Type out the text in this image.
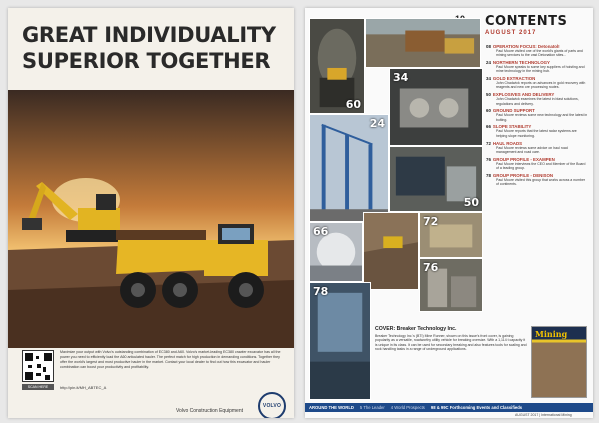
GREAT INDIVIDUALITY
SUPERIOR TOGETHER
SCAN HERE
Maximize your output with Volvo's outstanding combination of EC380 and A60. Volvo's market-leading EC380 crawler excavator has all the power you need to efficiently load the A60 articulated hauler. The perfect match for high production in demanding conditions. Together they offer the world's largest and most productive hauler in the market. Contact your local dealer to find out how this excavator and hauler combination can boost your productivity and profitability.
http://pin.it/MH_ABTEC_A
Volvo Construction Equipment
VOLVO
CONTENTS
AUGUST 2017
60
24
34
50
66
72
76
78
08 OPERATION FOCUS: Detonatol!
Paul Moore visited one of the world's giants of parts and mining services to the vast Detonation sites...
24 NORTHERN TECHNOLOGY
Paul Moore speaks to some key suppliers of hoisting and mine technology in the mining hub.
34 GOLD EXTRACTION
John Chadwick reports on advances in gold recovery with reagents and new ore processing routes.
50 EXPLOSIVES AND DELIVERY
John Chadwick examines the latest in blast solutions, regulations and delivery.
60 GROUND SUPPORT
Paul Moore reviews some new technology and the latest in bolting.
66 SLOPE STABILITY
Paul Moore reports that the latest radar systems are helping slope monitoring.
72 HAUL ROADS
Paul Moore reviews some advice on haul road management and road care.
76 GROUP PROFILE - EXAMPEN
Paul Moore interviews the CEO and Member of the Board of a leading group.
78 GROUP PROFILE - DENISON
Paul Moore visited this group that works across a number of continents.
COVER: Breaker Technology Inc.
Breaker Technology Inc.'s (BTI) Mine Runner, shown on this issue's front cover, is gaining popularity as a versatile, roadworthy utility vehicle for breaking oversize. With a 1,114 t capacity it is unique in its class. It can be used for secondary breaking and also features tools for scaling and rock handling tasks in a range of underground applications.
Mining
AROUND THE WORLD 5 The Leader 4 World Prospects 98 & 99C Forthcoming Events and Classifieds
AUGUST 2017 | International Mining
